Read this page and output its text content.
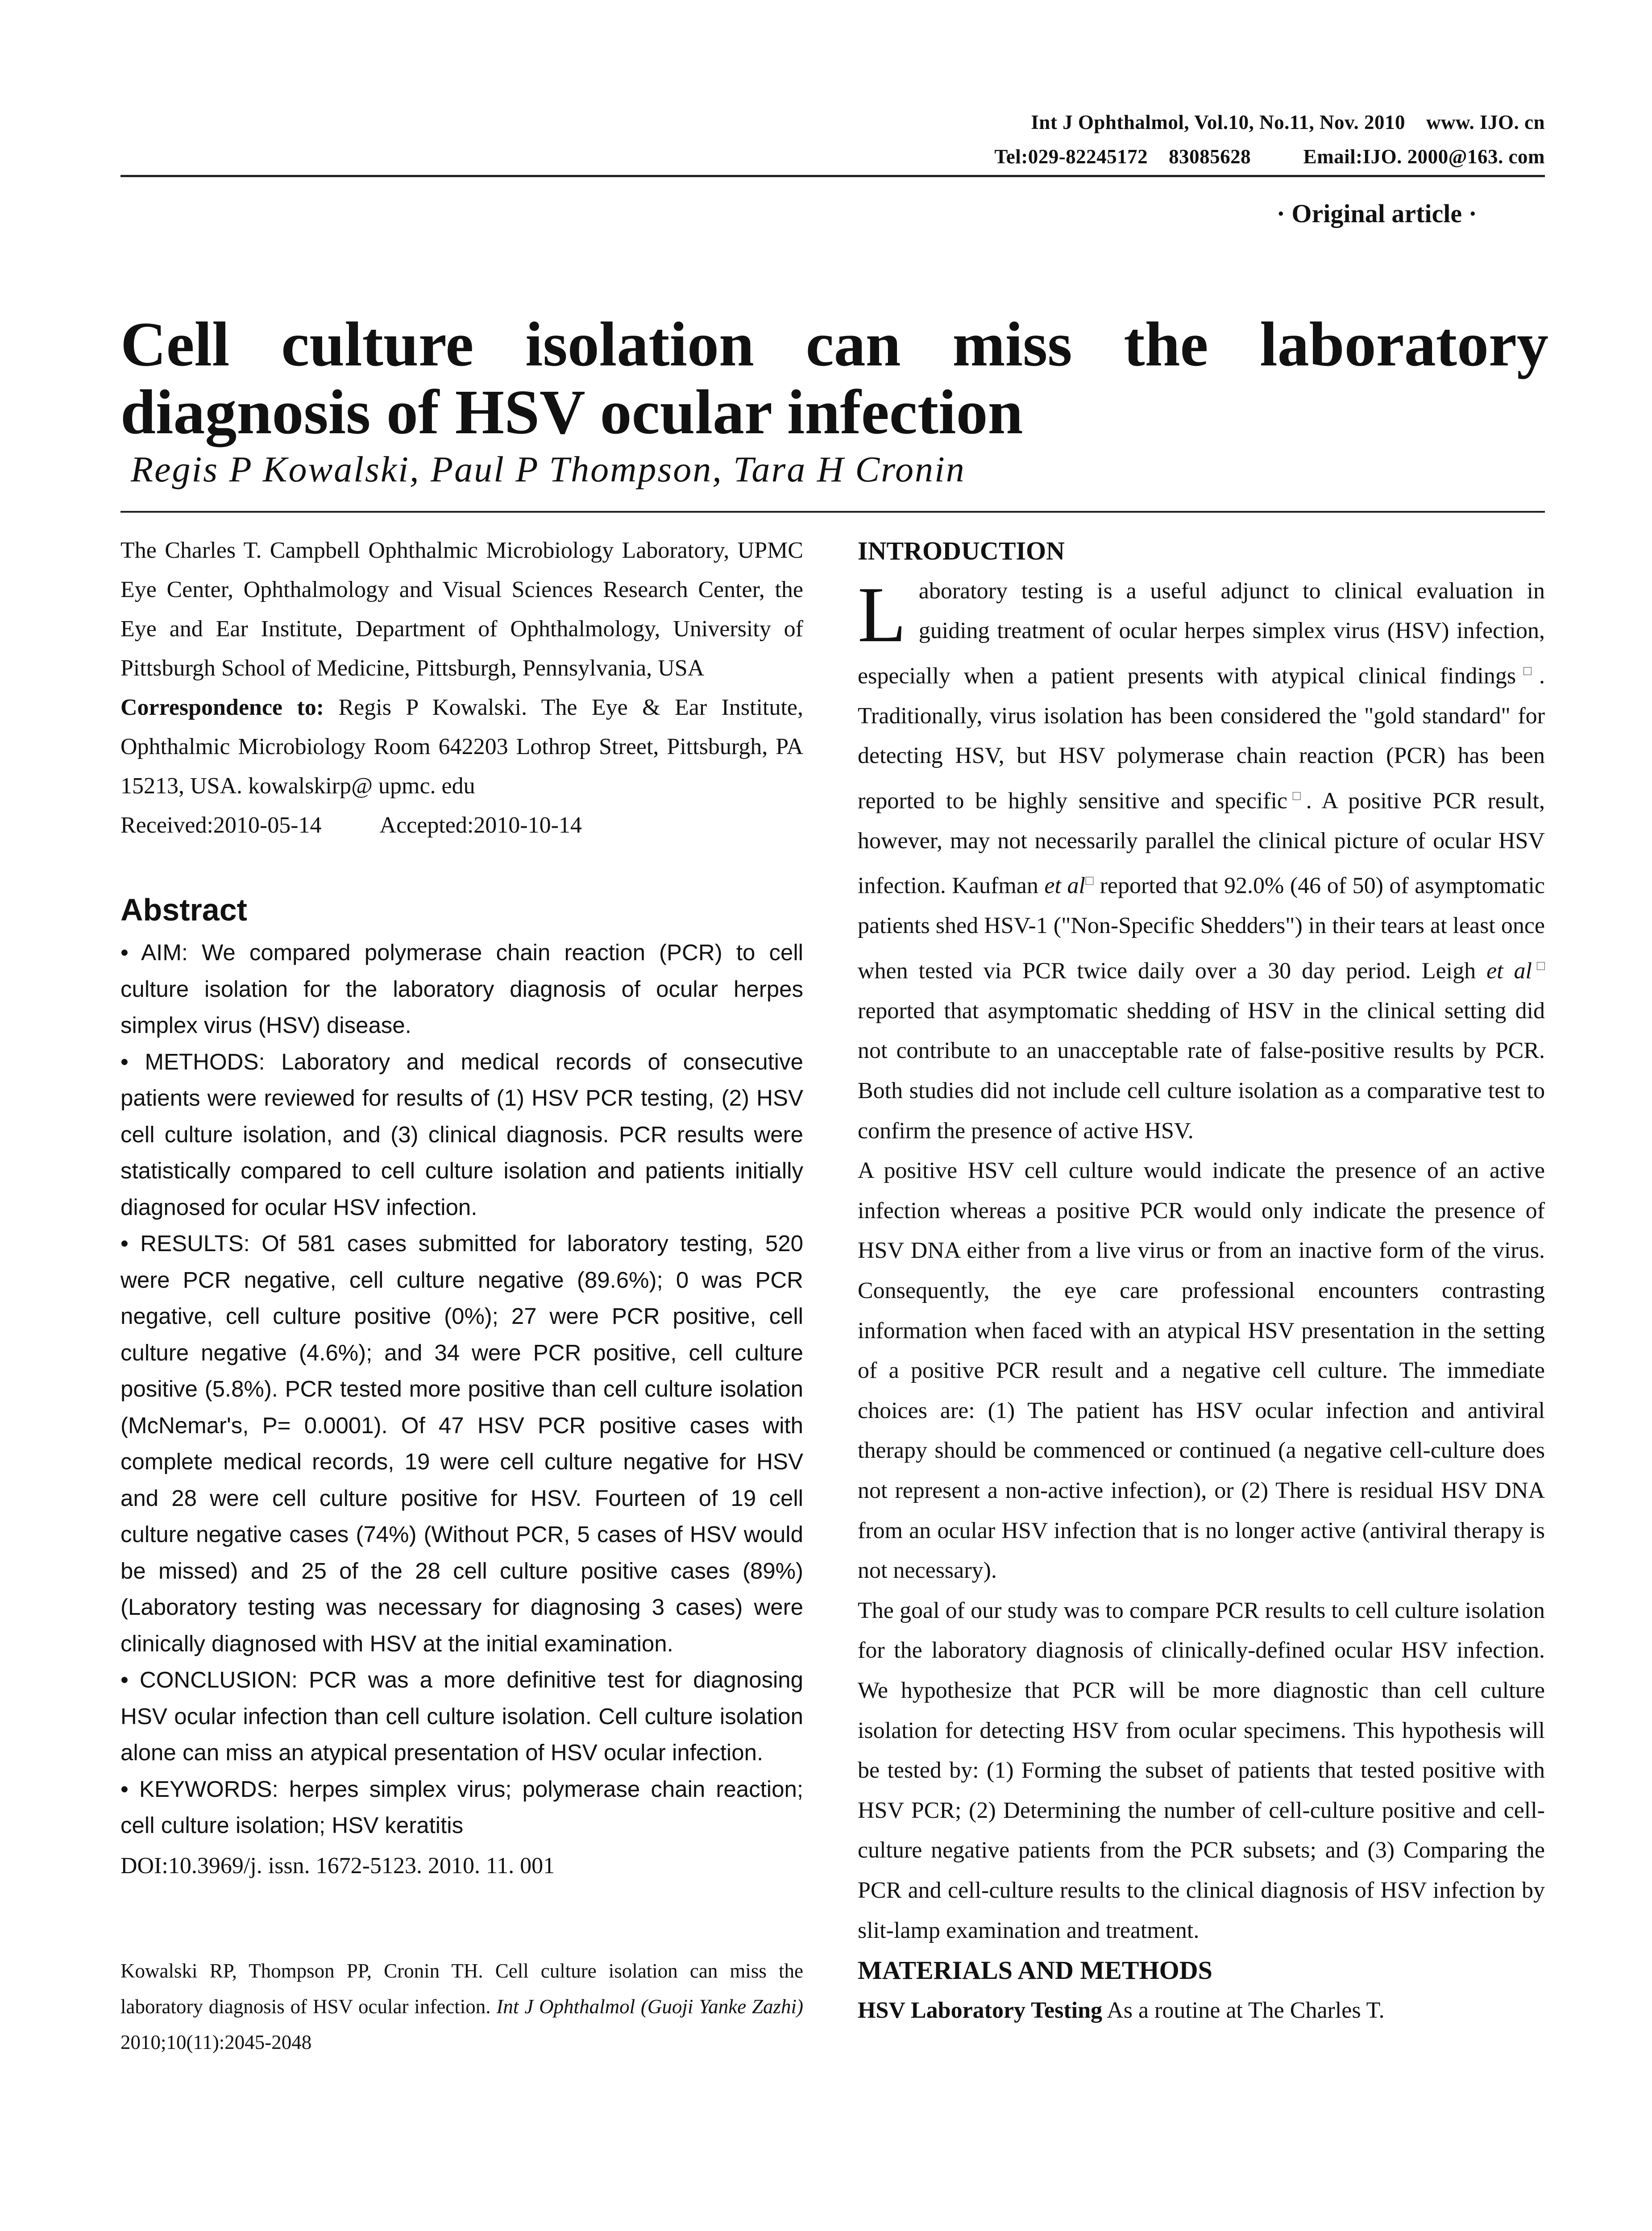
Int J Ophthalmol, Vol.10, No.11, Nov. 2010    www. IJO. cn
Tel:029-82245172    83085628          Email:IJO. 2000@163. com
· Original article ·
Cell culture isolation can miss the laboratory diagnosis of HSV ocular infection
Regis P Kowalski, Paul P Thompson, Tara H Cronin

The Charles T. Campbell Ophthalmic Microbiology Laboratory, UPMC Eye Center, Ophthalmology and Visual Sciences Research Center, the Eye and Ear Institute, Department of Ophthalmology, University of Pittsburgh School of Medicine, Pittsburgh, Pennsylvania, USA

Correspondence to: Regis P Kowalski. The Eye & Ear Institute, Ophthalmic Microbiology Room 642203 Lothrop Street, Pittsburgh, PA 15213, USA. kowalskirp@ upmc. edu

Received:2010-05-14	Accepted:2010-10-14
Abstract

• AIM: We compared polymerase chain reaction (PCR) to cell culture isolation for the laboratory diagnosis of ocular herpes simplex virus (HSV) disease.

• METHODS: Laboratory and medical records of consecutive patients were reviewed for results of (1) HSV PCR testing, (2) HSV cell culture isolation, and (3) clinical diagnosis. PCR results were statistically compared to cell culture isolation and patients initially diagnosed for ocular HSV infection.

• RESULTS: Of 581 cases submitted for laboratory testing, 520 were PCR negative, cell culture negative (89.6%); 0 was PCR negative, cell culture positive (0%); 27 were PCR positive, cell culture negative (4.6%); and 34 were PCR positive, cell culture positive (5.8%). PCR tested more positive than cell culture isolation (McNemar's, P= 0.0001). Of 47 HSV PCR positive cases with complete medical records, 19 were cell culture negative for HSV and 28 were cell culture positive for HSV. Fourteen of 19 cell culture negative cases (74%) (Without PCR, 5 cases of HSV would be missed) and 25 of the 28 cell culture positive cases (89%) (Laboratory testing was necessary for diagnosing 3 cases) were clinically diagnosed with HSV at the initial examination.

• CONCLUSION: PCR was a more definitive test for diagnosing HSV ocular infection than cell culture isolation. Cell culture isolation alone can miss an atypical presentation of HSV ocular infection.

• KEYWORDS: herpes simplex virus; polymerase chain reaction; cell culture isolation; HSV keratitis

DOI:10.3969/j. issn. 1672-5123. 2010. 11. 001

Kowalski RP, Thompson PP, Cronin TH. Cell culture isolation can miss the laboratory diagnosis of HSV ocular infection. Int J Ophthalmol (Guoji Yanke Zazhi) 2010;10(11):2045-2048

INTRODUCTION

Laboratory testing is a useful adjunct to clinical evaluation in guiding treatment of ocular herpes simplex virus (HSV) infection, especially when a patient presents with atypical clinical findings□. Traditionally, virus isolation has been considered the "gold standard" for detecting HSV, but HSV polymerase chain reaction (PCR) has been reported to be highly sensitive and specific□. A positive PCR result, however, may not necessarily parallel the clinical picture of ocular HSV infection. Kaufman et al□ reported that 92.0% (46 of 50) of asymptomatic patients shed HSV-1 ("Non-Specific Shedders") in their tears at least once when tested via PCR twice daily over a 30 day period. Leigh et al□ reported that asymptomatic shedding of HSV in the clinical setting did not contribute to an unacceptable rate of false-positive results by PCR. Both studies did not include cell culture isolation as a comparative test to confirm the presence of active HSV.

A positive HSV cell culture would indicate the presence of an active infection whereas a positive PCR would only indicate the presence of HSV DNA either from a live virus or from an inactive form of the virus. Consequently, the eye care professional encounters contrasting information when faced with an atypical HSV presentation in the setting of a positive PCR result and a negative cell culture. The immediate choices are: (1) The patient has HSV ocular infection and antiviral therapy should be commenced or continued (a negative cell-culture does not represent a non-active infection), or (2) There is residual HSV DNA from an ocular HSV infection that is no longer active (antiviral therapy is not necessary).

The goal of our study was to compare PCR results to cell culture isolation for the laboratory diagnosis of clinically-defined ocular HSV infection. We hypothesize that PCR will be more diagnostic than cell culture isolation for detecting HSV from ocular specimens. This hypothesis will be tested by: (1) Forming the subset of patients that tested positive with HSV PCR; (2) Determining the number of cell-culture positive and cell-culture negative patients from the PCR subsets; and (3) Comparing the PCR and cell-culture results to the clinical diagnosis of HSV infection by slit-lamp examination and treatment.

MATERIALS AND METHODS

HSV Laboratory Testing As a routine at The Charles T.
